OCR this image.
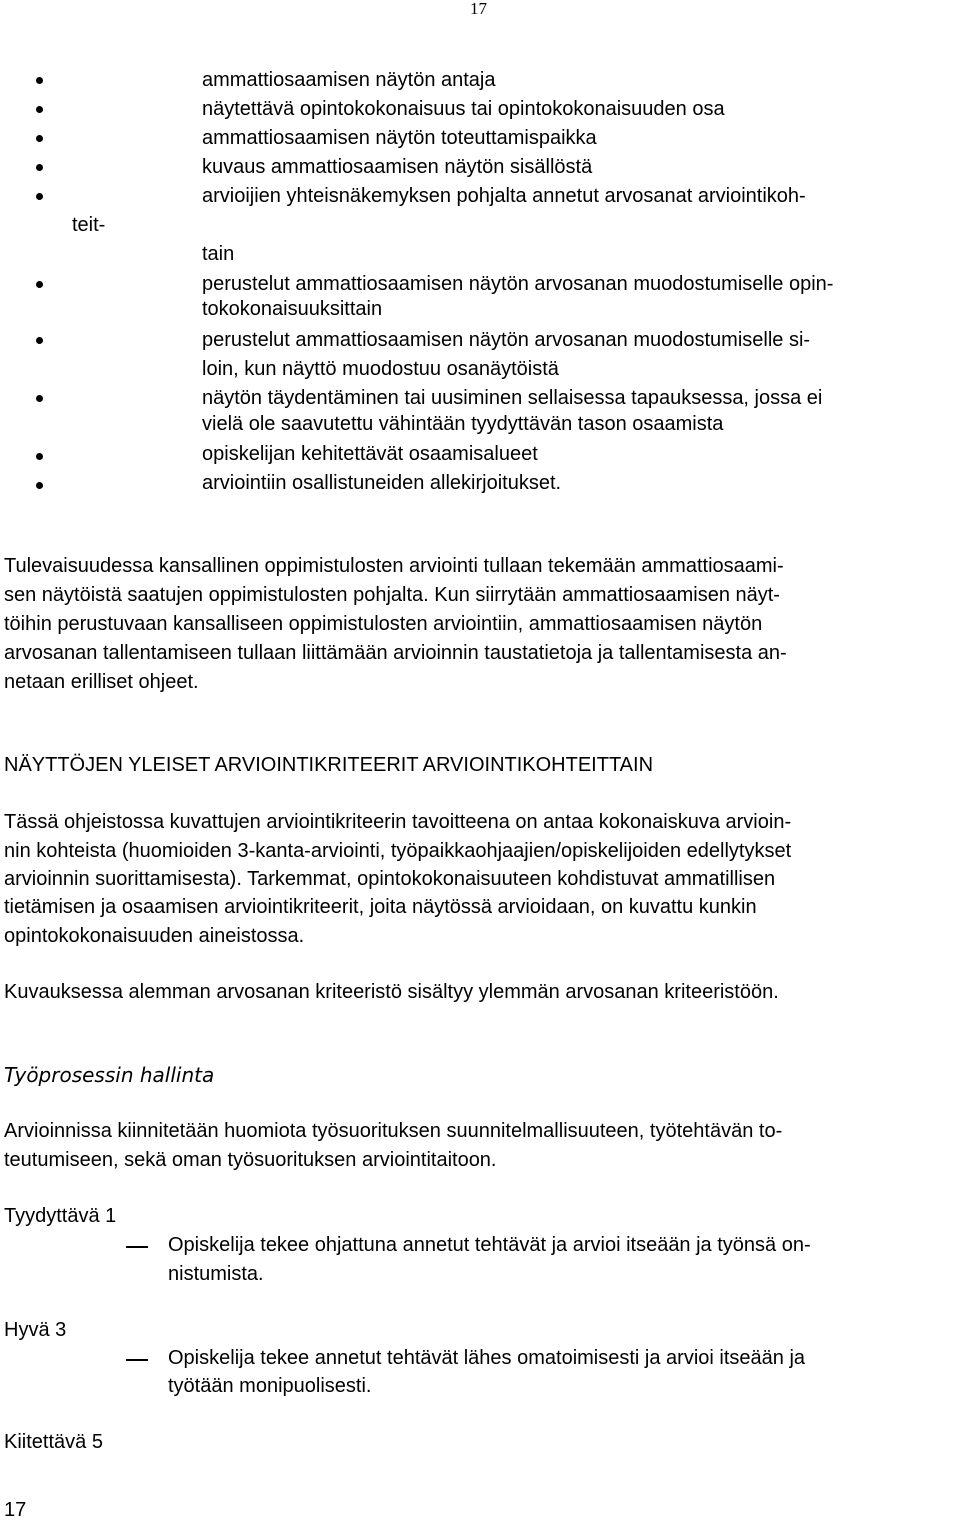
17
ammattiosaamisen näytön antaja
näytettävä opintokokonaisuus tai opintokokonaisuuden osa
ammattiosaamisen näytön toteuttamispaikka
kuvaus ammattiosaamisen näytön sisällöstä
arvioijien yhteisnäkemyksen pohjalta annetut arvosanat arviointikoh-
teit-
tain
perustelut ammattiosaamisen näytön arvosanan muodostumiselle opin-
tokokonaisuuksittain
perustelut ammattiosaamisen näytön arvosanan muodostumiselle si-
loin, kun näyttö muodostuu osanäytöistä
näytön täydentäminen tai uusiminen sellaisessa tapauksessa, jossa ei
vielä ole saavutettu vähintään tyydyttävän tason osaamista
opiskelijan kehitettävät osaamisalueet
arviointiin osallistuneiden allekirjoitukset.
Tulevaisuudessa kansallinen oppimistulosten arviointi tullaan tekemään ammattiosaami-
sen näytöistä saatujen oppimistulosten pohjalta. Kun siirrytään ammattiosaamisen näyt-
töihin perustuvaan kansalliseen oppimistulosten arviointiin, ammattiosaamisen näytön
arvosanan tallentamiseen tullaan liittämään arvioinnin taustatietoja ja tallentamisesta an-
netaan erilliset ohjeet.
NÄYTTÖJEN YLEISET ARVIOINTIKRITEERIT ARVIOINTIKOHTEITTAIN
Tässä ohjeistossa kuvattujen arviointikriteerin tavoitteena on antaa kokonaiskuva arvioin-
nin kohteista (huomioiden 3-kanta-arviointi, työpaikkaohjaajien/opiskelijoiden edellytykset
arvioinnin suorittamisesta). Tarkemmat, opintokokonaisuuteen kohdistuvat ammatillisen
tietämisen ja osaamisen arviointikriteerit, joita näytössä arvioidaan, on kuvattu kunkin
opintokokonaisuuden aineistossa.
Kuvauksessa alemman arvosanan kriteeristö sisältyy ylemmän arvosanan kriteeristöön.
Työprosessin hallinta
Arvioinnissa kiinnitetään huomiota työsuorituksen suunnitelmallisuuteen, työtehtävän to-
teutumiseen, sekä oman työsuorituksen arviointitaitoon.
Tyydyttävä 1
Opiskelija tekee ohjattuna annetut tehtävät ja arvioi itseään ja työnsä on-
nistumista.
Hyvä 3
Opiskelija tekee annetut tehtävät lähes omatoimisesti ja arvioi itseään ja
työtään monipuolisesti.
Kiitettävä 5
17
